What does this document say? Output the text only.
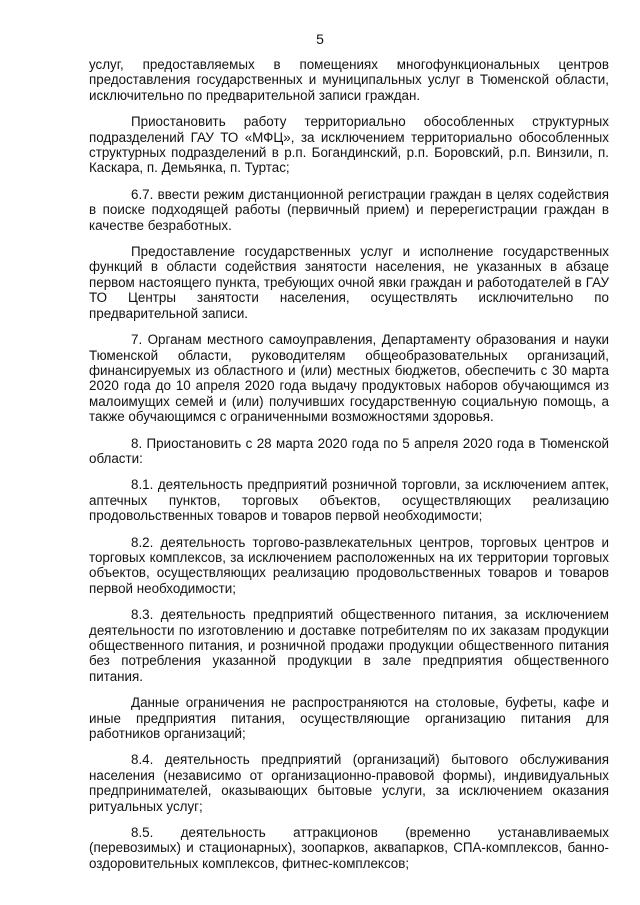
5

услуг, предоставляемых в помещениях многофункциональных центров предоставления государственных и муниципальных услуг в Тюменской области, исключительно по предварительной записи граждан.

Приостановить работу территориально обособленных структурных подразделений ГАУ ТО «МФЦ», за исключением территориально обособленных структурных подразделений в р.п. Богандинский, р.п. Боровский, р.п. Винзили, п. Каскара, п. Демьянка, п. Туртас;

6.7. ввести режим дистанционной регистрации граждан в целях содействия в поиске подходящей работы (первичный прием) и перерегистрации граждан в качестве безработных.

Предоставление государственных услуг и исполнение государственных функций в области содействия занятости населения, не указанных в абзаце первом настоящего пункта, требующих очной явки граждан и работодателей в ГАУ ТО Центры занятости населения, осуществлять исключительно по предварительной записи.

7. Органам местного самоуправления, Департаменту образования и науки Тюменской области, руководителям общеобразовательных организаций, финансируемых из областного и (или) местных бюджетов, обеспечить с 30 марта 2020 года до 10 апреля 2020 года выдачу продуктовых наборов обучающимся из малоимущих семей и (или) получивших государственную социальную помощь, а также обучающимся с ограниченными возможностями здоровья.

8. Приостановить с 28 марта 2020 года по 5 апреля 2020 года в Тюменской области:

8.1. деятельность предприятий розничной торговли, за исключением аптек, аптечных пунктов, торговых объектов, осуществляющих реализацию продовольственных товаров и товаров первой необходимости;

8.2. деятельность торгово-развлекательных центров, торговых центров и торговых комплексов, за исключением расположенных на их территории торговых объектов, осуществляющих реализацию продовольственных товаров и товаров первой необходимости;

8.3. деятельность предприятий общественного питания, за исключением деятельности по изготовлению и доставке потребителям по их заказам продукции общественного питания, и розничной продажи продукции общественного питания без потребления указанной продукции в зале предприятия общественного питания.

Данные ограничения не распространяются на столовые, буфеты, кафе и иные предприятия питания, осуществляющие организацию питания для работников организаций;

8.4. деятельность предприятий (организаций) бытового обслуживания населения (независимо от организационно-правовой формы), индивидуальных предпринимателей, оказывающих бытовые услуги, за исключением оказания ритуальных услуг;

8.5. деятельность аттракционов (временно устанавливаемых (перевозимых) и стационарных), зоопарков, аквапарков, СПА-комплексов, банно-оздоровительных комплексов, фитнес-комплексов;
